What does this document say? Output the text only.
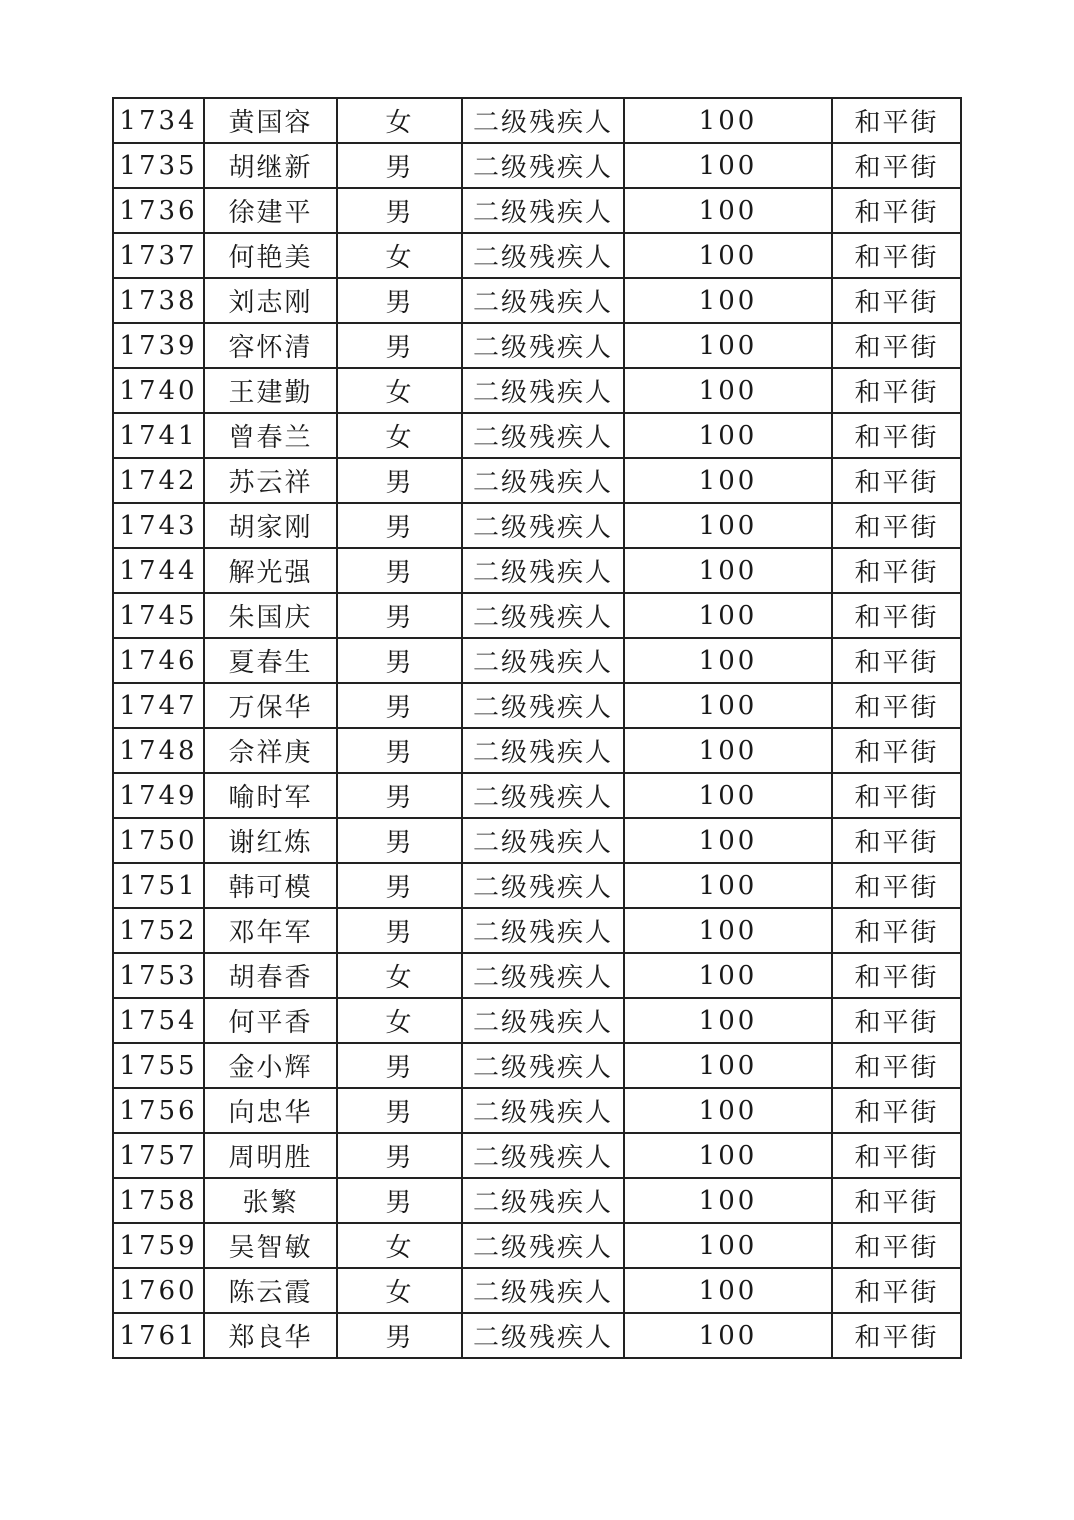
1734	黄国容	女	二级残疾人	100	和平街
1735	胡继新	男	二级残疾人	100	和平街
1736	徐建平	男	二级残疾人	100	和平街
1737	何艳美	女	二级残疾人	100	和平街
1738	刘志刚	男	二级残疾人	100	和平街
1739	容怀清	男	二级残疾人	100	和平街
1740	王建勤	女	二级残疾人	100	和平街
1741	曾春兰	女	二级残疾人	100	和平街
1742	苏云祥	男	二级残疾人	100	和平街
1743	胡家刚	男	二级残疾人	100	和平街
1744	解光强	男	二级残疾人	100	和平街
1745	朱国庆	男	二级残疾人	100	和平街
1746	夏春生	男	二级残疾人	100	和平街
1747	万保华	男	二级残疾人	100	和平街
1748	佘祥庚	男	二级残疾人	100	和平街
1749	喻时军	男	二级残疾人	100	和平街
1750	谢红炼	男	二级残疾人	100	和平街
1751	韩可模	男	二级残疾人	100	和平街
1752	邓年军	男	二级残疾人	100	和平街
1753	胡春香	女	二级残疾人	100	和平街
1754	何平香	女	二级残疾人	100	和平街
1755	金小辉	男	二级残疾人	100	和平街
1756	向忠华	男	二级残疾人	100	和平街
1757	周明胜	男	二级残疾人	100	和平街
1758	张繁	男	二级残疾人	100	和平街
1759	吴智敏	女	二级残疾人	100	和平街
1760	陈云霞	女	二级残疾人	100	和平街
1761	郑良华	男	二级残疾人	100	和平街
